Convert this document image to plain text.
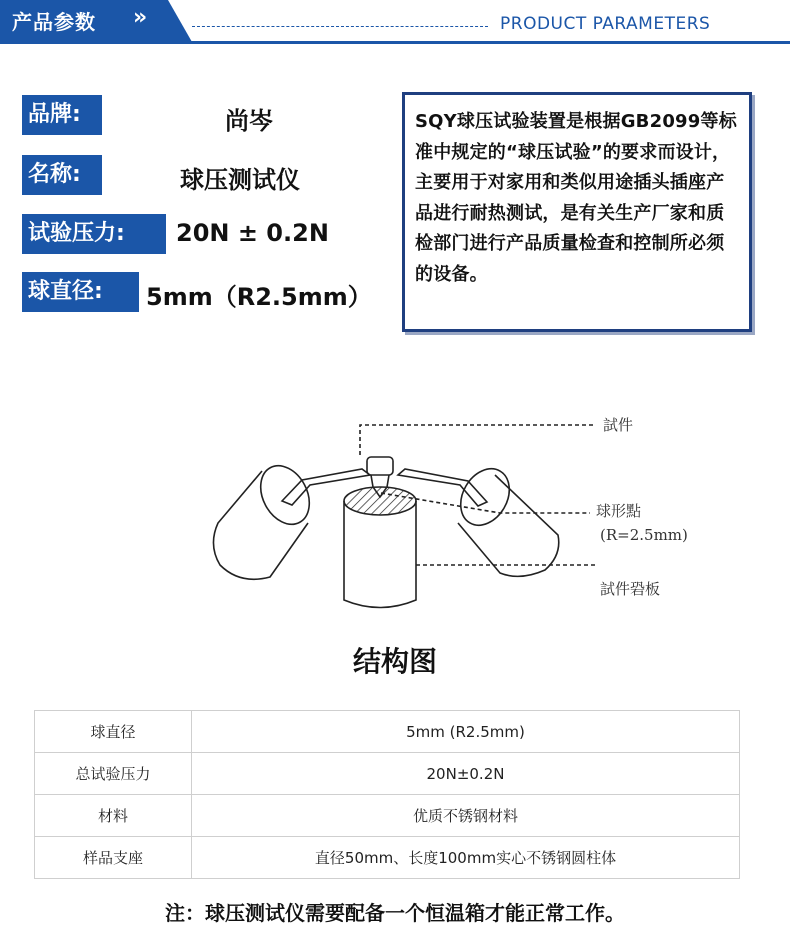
产品参数 »	PRODUCT PARAMETERS
品牌:	尚岑
名称:	球压测试仪
试验压力:	20N ± 0.2N
球直径:	5mm（R2.5mm）
SQY球压试验装置是根据GB2099等标准中规定的“球压试验”的要求而设计，主要用于对家用和类似用途插头插座产品进行耐热测试，是有关生产厂家和质检部门进行产品质量检查和控制所必须的设备。
試件
球形點
(R=2.5mm)
試件䂬板
结构图
球直径	5mm (R2.5mm)
总试验压力	20N±0.2N
材料	优质不锈钢材料
样品支座	直径50mm、长度100mm实心不锈钢圆柱体
注：球压测试仪需要配备一个恒温箱才能正常工作。
